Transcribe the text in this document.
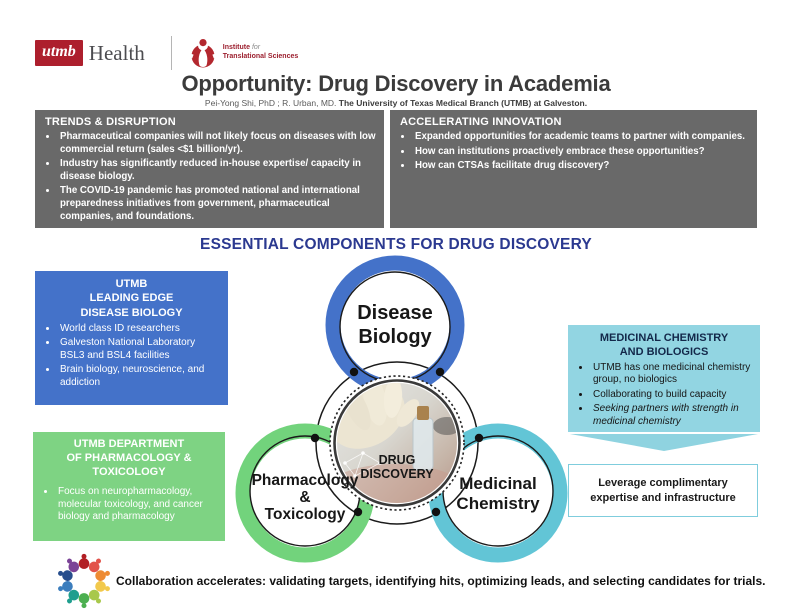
utmb Health	Institute for
Translational Sciences
Opportunity: Drug Discovery in Academia
Pei-Yong Shi, PhD ; R. Urban, MD. The University of Texas Medical Branch (UTMB) at Galveston.
TRENDS & DISRUPTION
• Pharmaceutical companies will not likely focus on diseases with low commercial return (sales <$1 billion/yr).
• Industry has significantly reduced in-house expertise/ capacity in disease biology.
• The COVID-19 pandemic has promoted national and international preparedness initiatives from government, pharmaceutical companies, and foundations.
ACCELERATING INNOVATION
• Expanded opportunities for academic teams to partner with companies.
• How can institutions proactively embrace these opportunities?
• How can CTSAs facilitate drug discovery?
ESSENTIAL COMPONENTS FOR DRUG DISCOVERY
UTMB
LEADING EDGE
DISEASE BIOLOGY
• World class ID researchers
• Galveston National Laboratory BSL3 and BSL4 facilities
• Brain biology, neuroscience, and addiction
UTMB DEPARTMENT
OF PHARMACOLOGY &
TOXICOLOGY
• Focus on neuropharmacology, molecular toxicology, and cancer biology and pharmacology
MEDICINAL CHEMISTRY
AND BIOLOGICS
• UTMB has one medicinal chemistry group, no biologics
• Collaborating to build capacity
• Seeking partners with strength in medicinal chemistry
Leverage complimentary expertise and infrastructure
DRUG
DISCOVERY
Disease
Biology
Pharmacology
&
Toxicology
Medicinal
Chemistry
Collaboration accelerates: validating targets, identifying hits, optimizing leads, and selecting candidates for trials.
